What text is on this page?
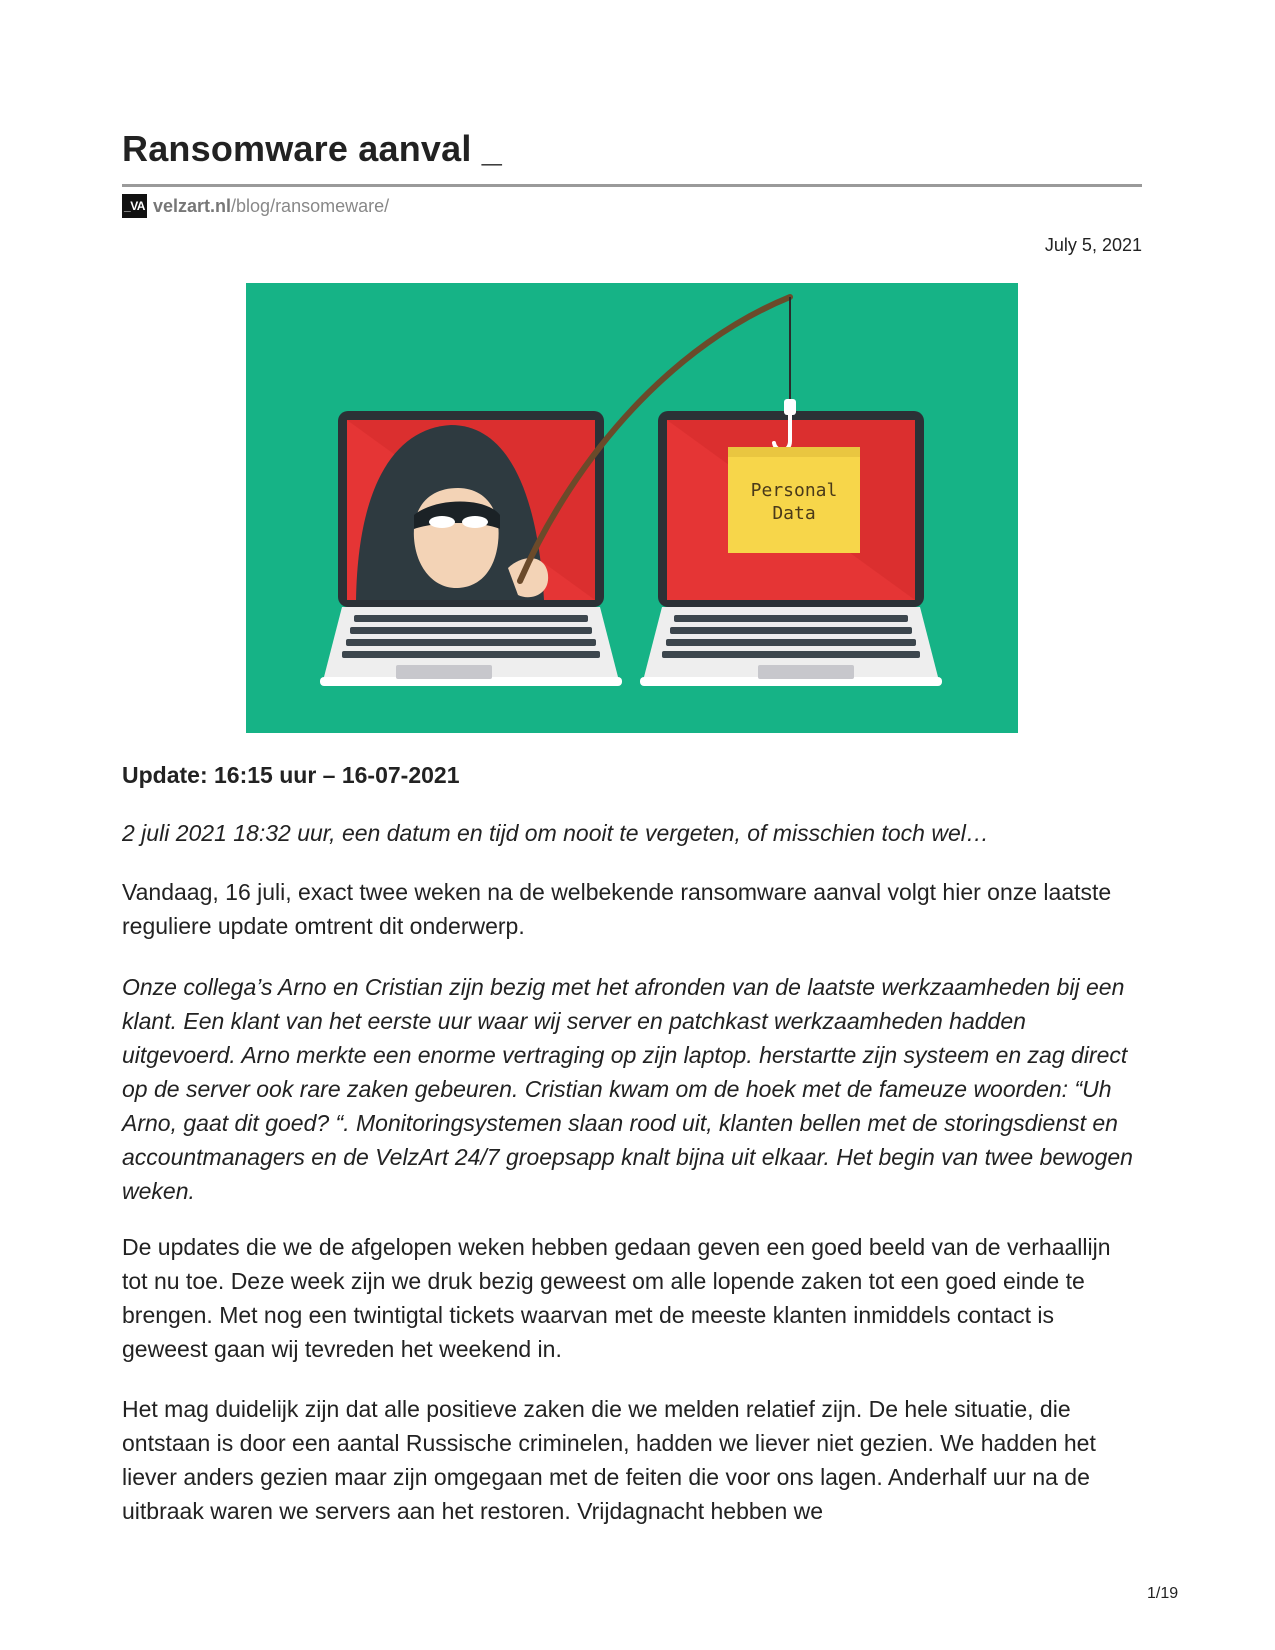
Ransomware aanval _
_VA velzart.nl /blog/ransomeware/
July 5, 2021
Personal
Data

Update: 16:15 uur – 16-07-2021

2 juli 2021 18:32 uur, een datum en tijd om nooit te vergeten, of misschien toch wel…

Vandaag, 16 juli, exact twee weken na de welbekende ransomware aanval volgt hier onze laatste reguliere update omtrent dit onderwerp.

Onze collega’s Arno en Cristian zijn bezig met het afronden van de laatste werkzaamheden bij een klant. Een klant van het eerste uur waar wij server en patchkast werkzaamheden hadden uitgevoerd. Arno merkte een enorme vertraging op zijn laptop. herstartte zijn systeem en zag direct op de server ook rare zaken gebeuren. Cristian kwam om de hoek met de fameuze woorden: “Uh Arno, gaat dit goed? “. Monitoringsystemen slaan rood uit, klanten bellen met de storingsdienst en accountmanagers en de VelzArt 24/7 groepsapp knalt bijna uit elkaar. Het begin van twee bewogen weken.

De updates die we de afgelopen weken hebben gedaan geven een goed beeld van de verhaallijn tot nu toe. Deze week zijn we druk bezig geweest om alle lopende zaken tot een goed einde te brengen. Met nog een twintigtal tickets waarvan met de meeste klanten inmiddels contact is geweest gaan wij tevreden het weekend in.

Het mag duidelijk zijn dat alle positieve zaken die we melden relatief zijn. De hele situatie, die ontstaan is door een aantal Russische criminelen, hadden we liever niet gezien. We hadden het liever anders gezien maar zijn omgegaan met de feiten die voor ons lagen. Anderhalf uur na de uitbraak waren we servers aan het restoren. Vrijdagnacht hebben we

1/19
